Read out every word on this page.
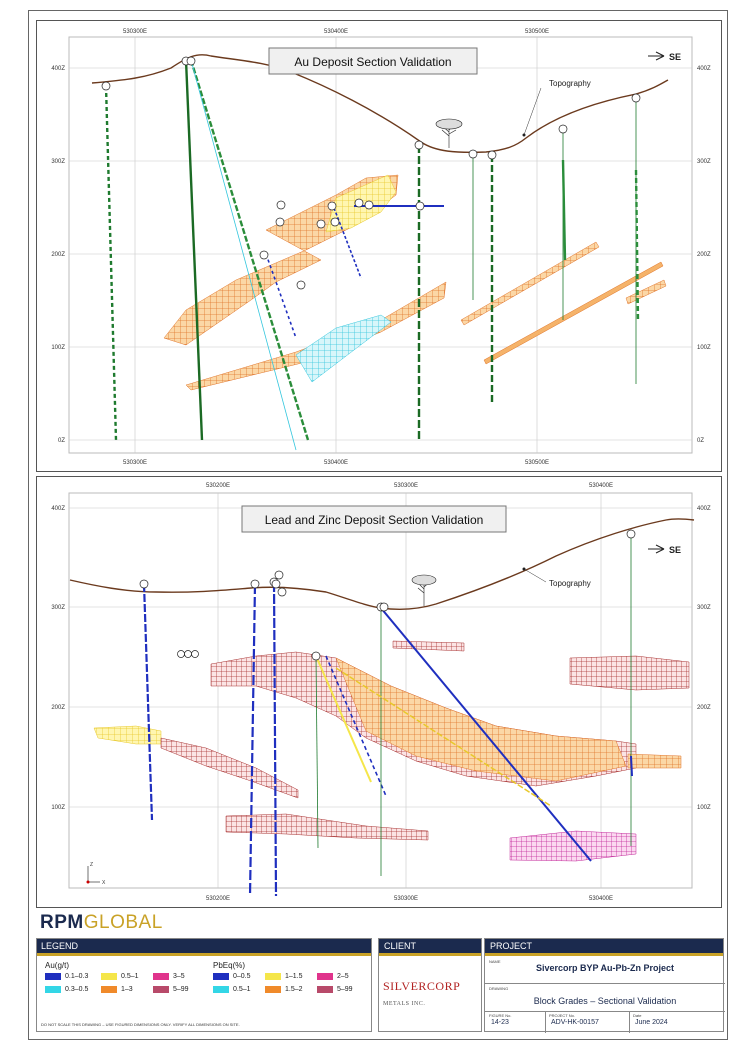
530300E	530400E	530500E
530300E	530400E	530500E
400Z
300Z
200Z
100Z
0Z
400Z
300Z
200Z
100Z
0Z
Topography
SE
Au Deposit Section Validation
530200E	530300E	530400E
530200E	530300E	530400E
400Z
300Z
200Z
100Z
400Z
300Z
200Z
100Z
Topography
SE
Z
X
Lead and Zinc Deposit Section Validation
RPMGLOBAL
LEGEND
Au(g/t)	PbEq(%)
0.1–0.3
0.3–0.5
0.5–1
1–3
3–5
5–99
0–0.5
0.5–1
1–1.5
1.5–2
2–5
5–99
DO NOT SCALE THIS DRAWING – USE FIGURED DIMENSIONS ONLY. VERIFY ALL DIMENSIONS ON SITE.
CLIENT
SILVERCORP METALS INC.
PROJECT
NAME
Sivercorp BYP Au-Pb-Zn Project
DRAWING
Block Grades – Sectional Validation
FIGURE No.
14-23
PROJECT No.
ADV-HK-00157
Date
June 2024
